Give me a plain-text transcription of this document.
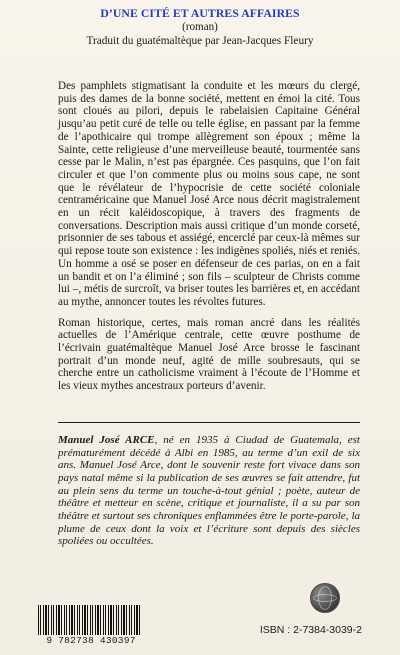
D’UNE CITÉ ET AUTRES AFFAIRES
(roman)
Traduit du guatémaltèque par Jean-Jacques Fleury

Des pamphlets stigmatisant la conduite et les mœurs du clergé, puis des dames de la bonne société, mettent en émoi la cité. Tous sont cloués au pilori, depuis le rabelaisien Capitaine Général jusqu’au petit curé de telle ou telle église, en passant par la femme de l’apothicaire qui trompe allègrement son époux ; même la Sainte, cette religieuse d’une merveilleuse beauté, tourmentée sans cesse par le Malin, n’est pas épargnée. Ces pasquins, que l’on fait circuler et que l’on commente plus ou moins sous cape, ne sont que le révélateur de l’hypocrisie de cette société coloniale centraméricaine que Manuel José Arce nous décrit magistralement en un récit kaléidoscopique, à travers des fragments de conversations. Description mais aussi critique d’un monde corseté, prisonnier de ses tabous et assiégé, encerclé par ceux-là mêmes sur qui repose toute son existence : les indigènes spoliés, niés et reniés. Un homme a osé se poser en défenseur de ces parias, on en a fait un bandit et on l’a éliminé ; son fils – sculpteur de Christs comme lui –, métis de surcroît, va briser toutes les barrières et, en accédant au mythe, annoncer toutes les révoltes futures.

Roman historique, certes, mais roman ancré dans les réalités actuelles de l’Amérique centrale, cette œuvre posthume de l’écrivain guatémaltèque Manuel José Arce brosse le fascinant portrait d’un monde neuf, agité de mille soubresauts, qui se cherche entre un catholicisme vraiment à l’écoute de l’Homme et les vieux mythes ancestraux porteurs d’avenir.

Manuel José ARCE, né en 1935 à Ciudad de Guatemala, est prématurément décédé à Albi en 1985, au terme d’un exil de six ans. Manuel José Arce, dont le souvenir reste fort vivace dans son pays natal même si la publication de ses œuvres se fait attendre, fut au plein sens du terme un touche-à-tout génial ; poète, auteur de théâtre et metteur en scène, critique et journaliste, il a su par son théâtre et surtout ses chroniques enflammées être le porte-parole, la plume de ceux dont la voix et l’écriture sont depuis des siècles spoliées ou occultées.
9 782738 430397
ISBN : 2-7384-3039-2
